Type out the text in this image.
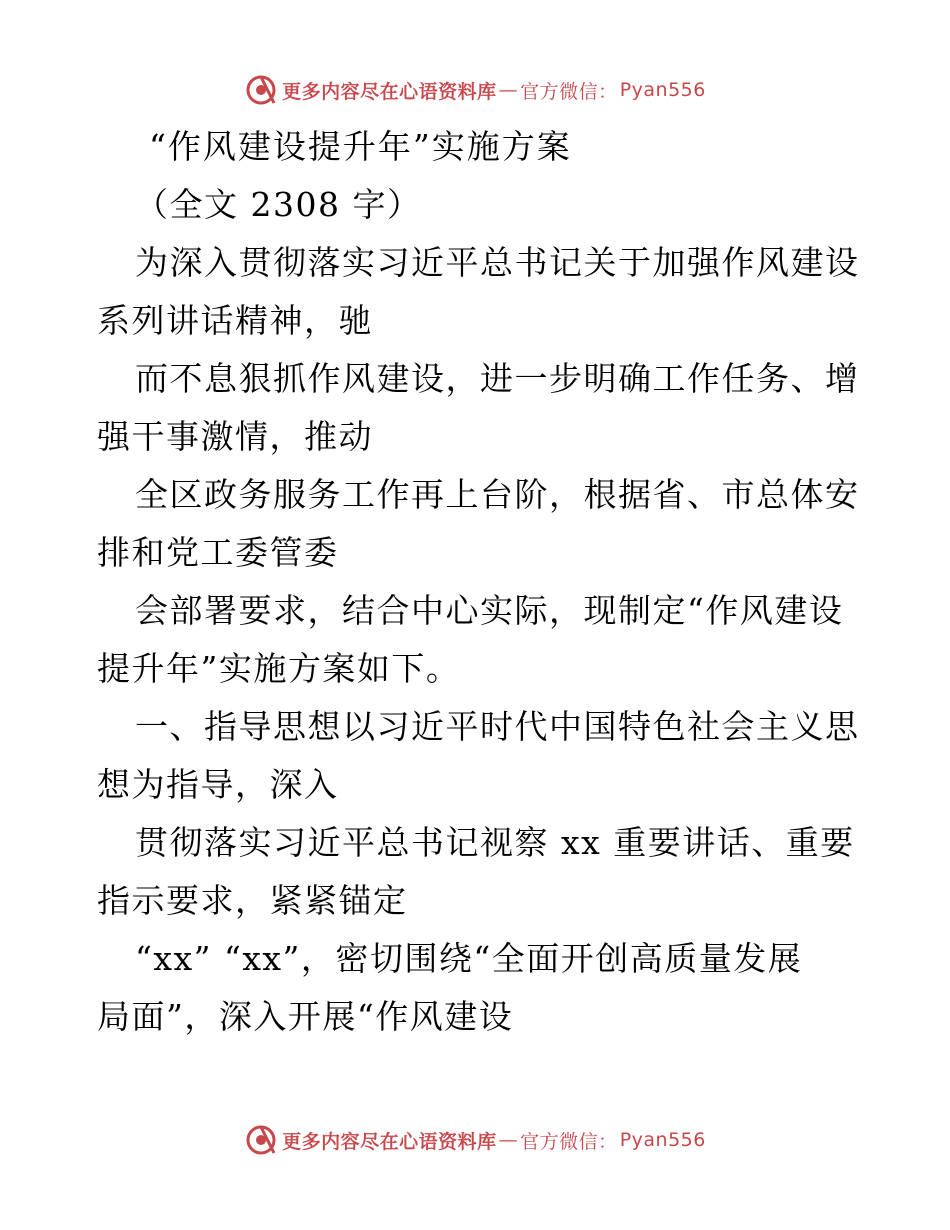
更多内容尽在心语资料库 — 官方微信： Pyan556
“作风建设提升年”实施方案
（全文 2308 字）
为深入贯彻落实习近平总书记关于加强作风建设
系列讲话精神，驰
而不息狠抓作风建设，进一步明确工作任务、增
强干事激情，推动
全区政务服务工作再上台阶，根据省、市总体安
排和党工委管委
会部署要求，结合中心实际，现制定“作风建设
提升年”实施方案如下。
一、指导思想以习近平时代中国特色社会主义思
想为指导，深入
贯彻落实习近平总书记视察 xx 重要讲话、重要
指示要求，紧紧锚定
“xx” “xx”，密切围绕“全面开创高质量发展
局面”，深入开展“作风建设
更多内容尽在心语资料库 — 官方微信： Pyan556
